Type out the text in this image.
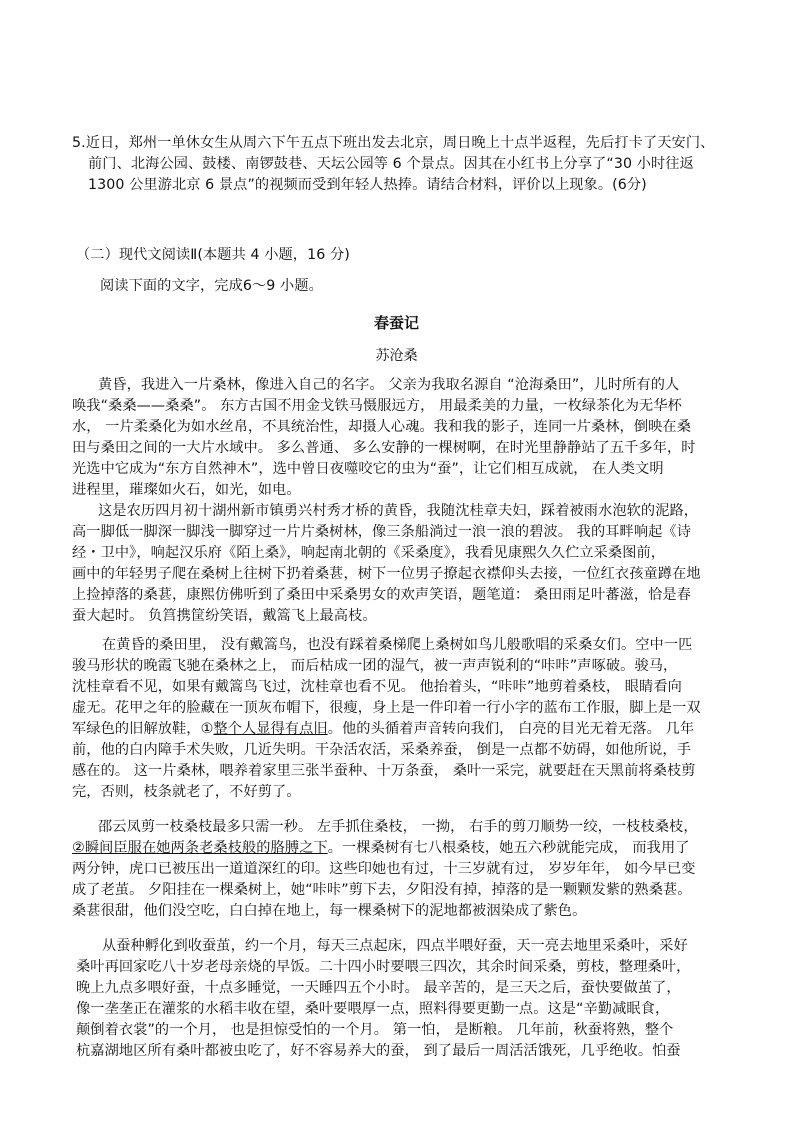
5.近日，郑州一单休女生从周六下午五点下班出发去北京，周日晚上十点半返程，先后打卡了天安门、
前门、北海公园、鼓楼、南锣鼓巷、天坛公园等 6 个景点。因其在小红书上分享了“30 小时往返
1300 公里游北京 6 景点”的视频而受到年轻人热捧。请结合材料，评价以上现象。(6分)
（二）现代文阅读Ⅱ(本题共 4 小题，16 分)
阅读下面的文字，完成6～9 小题。
春蚕记
苏沧桑
黄昏，我进入一片桑林，像进入自己的名字。 父亲为我取名源自 “沧海桑田”，儿时所有的人
唤我“桑桑——桑桑”。 东方古国不用金戈铁马慑服远方， 用最柔美的力量，一枚绿茶化为无华杯
水， 一片柔桑化为如水丝帛，不具统治性，却摄人心魂。我和我的影子，连同一片桑林，倒映在桑
田与桑田之间的一大片水域中。 多么普通、 多么安静的一棵树啊，在时光里静静站了五千多年，时
光选中它成为“东方自然神木”，选中曾日夜噬咬它的虫为“蚕”，让它们相互成就， 在人类文明
进程里，璀璨如火石，如光，如电。
这是农历四月初十湖州新市镇勇兴村秀才桥的黄昏，我随沈桂章夫妇，踩着被雨水泡软的泥路，
高一脚低一脚深一脚浅一脚穿过一片片桑树林，像三条船淌过一浪一浪的碧波。 我的耳畔响起《诗
经・卫中》，响起汉乐府《陌上桑》，响起南北朝的《采桑度》，我看见康熙久久伫立采桑图前，
画中的年轻男子爬在桑树上往树下扔着桑葚，树下一位男子撩起衣襟仰头去接，一位红衣孩童蹲在地
上捡掉落的桑葚，康熙仿佛听到了桑田中采桑男女的欢声笑语，题笔道： 桑田雨足叶蕃滋，恰是春
蚕大起时。 负筥携筐纷笑语，戴篙飞上最高枝。
在黄昏的桑田里， 没有戴篙鸟，也没有踩着桑梯爬上桑树如鸟儿般歌唱的采桑女们。空中一匹
骏马形状的晚霞飞驰在桑林之上， 而后枯成一团的湿气，被一声声锐利的“咔咔”声啄破。骏马，
沈桂章看不见，如果有戴篙鸟飞过，沈桂章也看不见。 他抬着头，“咔咔”地剪着桑枝， 眼睛看向
虚无。花甲之年的脸藏在一顶灰布帽下，很瘦，身上是一件印着一行小字的蓝布工作服，脚上是一双
军绿色的旧解放鞋，①整个人显得有点旧。他的头循着声音转向我们， 白亮的目光无着无落。 几年
前，他的白内障手术失败，几近失明。干杂活农活，采桑养蚕， 倒是一点都不妨碍，如他所说，手
感在的。 这一片桑林，喂养着家里三张半蚕种、十万条蚕， 桑叶一采完，就要赶在天黑前将桑枝剪
完，否则，枝条就老了，不好剪了。
邵云凤剪一枝桑枝最多只需一秒。 左手抓住桑枝， 一拗， 右手的剪刀顺势一绞，一枝枝桑枝，
②瞬间臣服在她两条老桑枝般的胳膊之下。一棵桑树有七八根桑枝，她五六秒就能完成， 而我用了
两分钟，虎口已被压出一道道深红的印。这些印她也有过，十三岁就有过， 岁岁年年， 如今早已变
成了老茧。 夕阳挂在一棵桑树上，她“咔咔”剪下去，夕阳没有掉，掉落的是一颗颗发紫的熟桑葚。
桑葚很甜，他们没空吃，白白掉在地上，每一棵桑树下的泥地都被洇染成了紫色。
从蚕种孵化到收蚕茧，约一个月，每天三点起床，四点半喂好蚕，天一亮去地里采桑叶，采好
桑叶再回家吃八十岁老母亲烧的早饭。二十四小时要喂三四次，其余时间采桑，剪枝，整理桑叶，
晚上九点多喂好蚕，十点多睡觉，一天睡四五个小时。 最辛苦的，是三天之后，蚕快要做茧了，
像一垄垄正在灌浆的水稻丰收在望，桑叶要喂厚一点，照料得要更勤一点。这是“辛勤减眠食，
颠倒着衣裳”的一个月， 也是担惊受怕的一个月。 第一怕， 是断粮。 几年前，秋蚕将熟，整个
杭嘉湖地区所有桑叶都被虫吃了，好不容易养大的蚕， 到了最后一周活活饿死，几乎绝收。怕蚕
